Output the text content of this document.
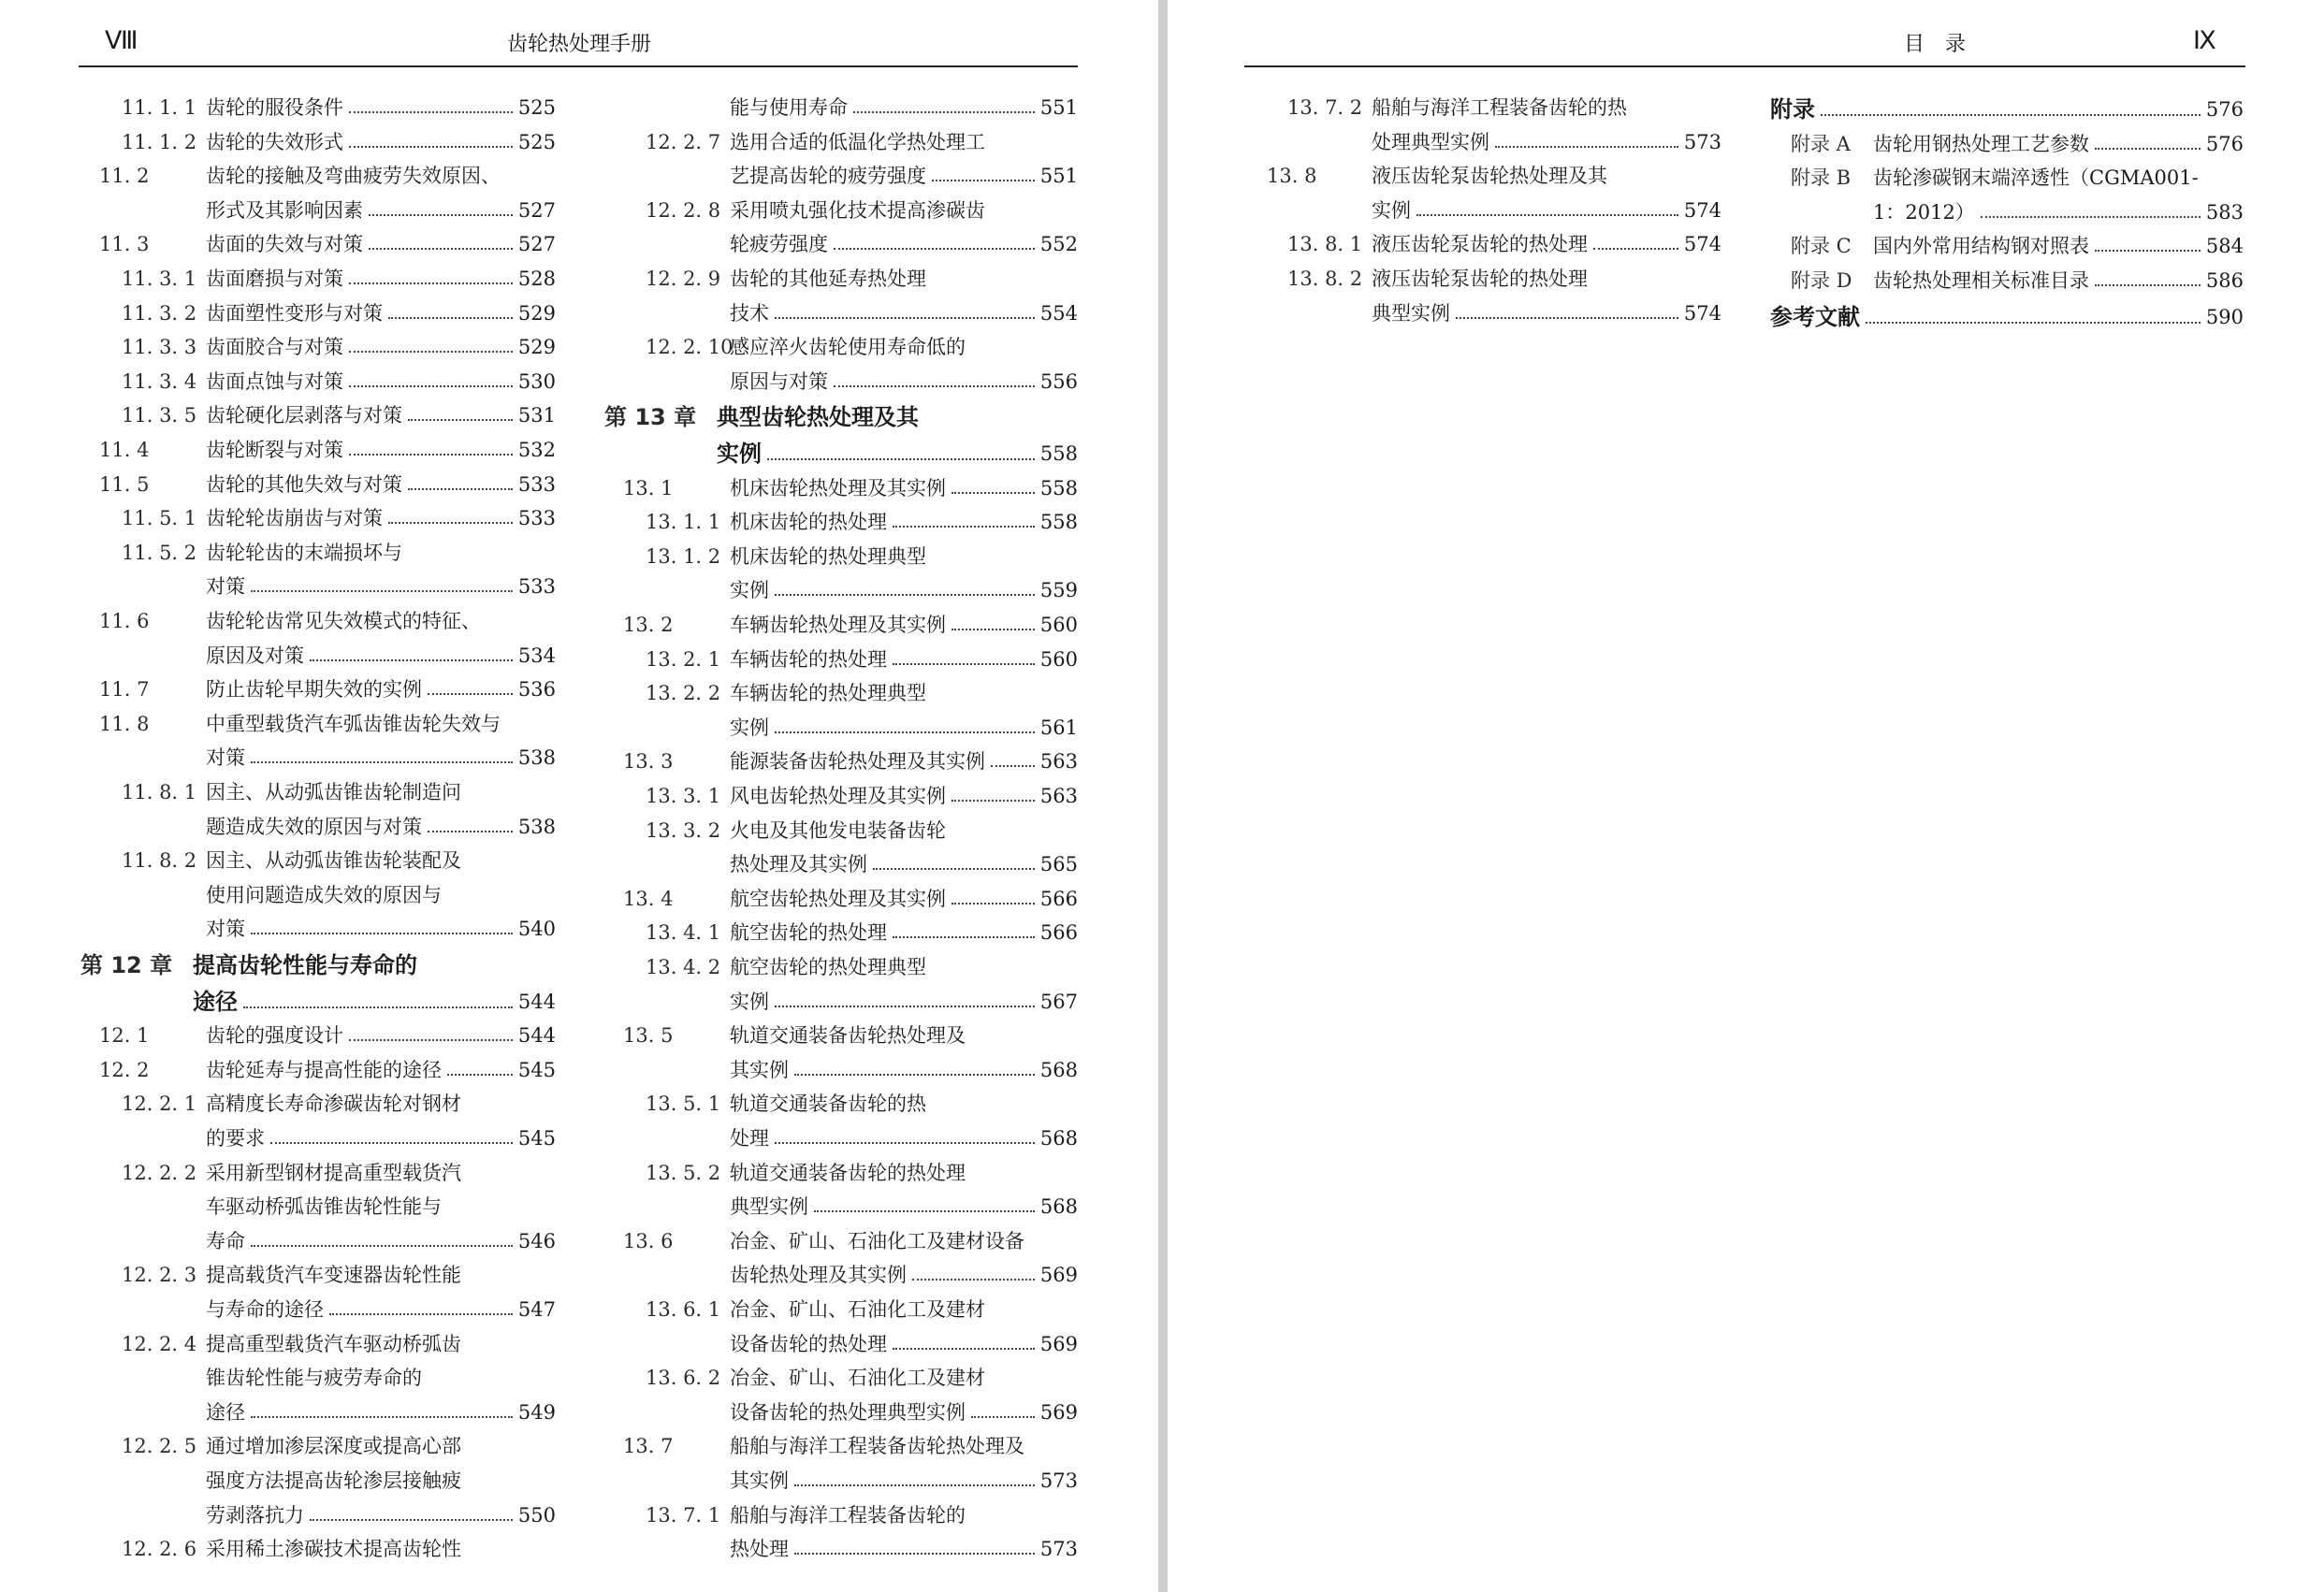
Ⅷ	齿轮热处理手册
11. 1. 1 齿轮的服役条件	525
11. 1. 2 齿轮的失效形式	525
11. 2	齿轮的接触及弯曲疲劳失效原因、
形式及其影响因素	527
11. 3	齿面的失效与对策	527
11. 3. 1 齿面磨损与对策	528
11. 3. 2 齿面塑性变形与对策	529
11. 3. 3 齿面胶合与对策	529
11. 3. 4 齿面点蚀与对策	530
11. 3. 5 齿轮硬化层剥落与对策	531
11. 4	齿轮断裂与对策	532
11. 5	齿轮的其他失效与对策	533
11. 5. 1 齿轮轮齿崩齿与对策	533
11. 5. 2 齿轮轮齿的末端损坏与
对策	533
11. 6	齿轮轮齿常见失效模式的特征、
原因及对策	534
11. 7	防止齿轮早期失效的实例	536
11. 8	中重型载货汽车弧齿锥齿轮失效与
对策	538
11. 8. 1 因主、从动弧齿锥齿轮制造问
题造成失效的原因与对策	538
11. 8. 2 因主、从动弧齿锥齿轮装配及
使用问题造成失效的原因与
对策	540
第 12 章 提高齿轮性能与寿命的
途径	544
12. 1	齿轮的强度设计	544
12. 2	齿轮延寿与提高性能的途径	545
12. 2. 1 高精度长寿命渗碳齿轮对钢材
的要求	545
12. 2. 2 采用新型钢材提高重型载货汽
车驱动桥弧齿锥齿轮性能与
寿命	546
12. 2. 3 提高载货汽车变速器齿轮性能
与寿命的途径	547
12. 2. 4 提高重型载货汽车驱动桥弧齿
锥齿轮性能与疲劳寿命的
途径	549
12. 2. 5 通过增加渗层深度或提高心部
强度方法提高齿轮渗层接触疲
劳剥落抗力	550
12. 2. 6 采用稀土渗碳技术提高齿轮性
能与使用寿命	551
12. 2. 7 选用合适的低温化学热处理工
艺提高齿轮的疲劳强度	551
12. 2. 8 采用喷丸强化技术提高渗碳齿
轮疲劳强度	552
12. 2. 9 齿轮的其他延寿热处理
技术	554
12. 2. 10
感应淬火齿轮使用寿命低的
原因与对策	556
第 13 章 典型齿轮热处理及其
实例	558
13. 1	机床齿轮热处理及其实例	558
13. 1. 1 机床齿轮的热处理	558
13. 1. 2 机床齿轮的热处理典型
实例	559
13. 2	车辆齿轮热处理及其实例	560
13. 2. 1 车辆齿轮的热处理	560
13. 2. 2 车辆齿轮的热处理典型
实例	561
13. 3	能源装备齿轮热处理及其实例	563
13. 3. 1 风电齿轮热处理及其实例	563
13. 3. 2 火电及其他发电装备齿轮
热处理及其实例	565
13. 4	航空齿轮热处理及其实例	566
13. 4. 1 航空齿轮的热处理	566
13. 4. 2 航空齿轮的热处理典型
实例	567
13. 5	轨道交通装备齿轮热处理及
其实例	568
13. 5. 1 轨道交通装备齿轮的热
处理	568
13. 5. 2 轨道交通装备齿轮的热处理
典型实例	568
13. 6	冶金、矿山、石油化工及建材设备
齿轮热处理及其实例	569
13. 6. 1 冶金、矿山、石油化工及建材
设备齿轮的热处理	569
13. 6. 2 冶金、矿山、石油化工及建材
设备齿轮的热处理典型实例	569
13. 7	船舶与海洋工程装备齿轮热处理及
其实例	573
13. 7. 1 船舶与海洋工程装备齿轮的
热处理	573
目　录	Ⅸ
13. 7. 2 船舶与海洋工程装备齿轮的热
处理典型实例	573
13. 8	液压齿轮泵齿轮热处理及其
实例	574
13. 8. 1 液压齿轮泵齿轮的热处理	574
13. 8. 2 液压齿轮泵齿轮的热处理
典型实例	574
附录	576
附录 A	齿轮用钢热处理工艺参数	576
附录 B	齿轮渗碳钢末端淬透性（CGMA001-
1：2012）	583
附录 C	国内外常用结构钢对照表	584
附录 D	齿轮热处理相关标准目录	586
参考文献	590
